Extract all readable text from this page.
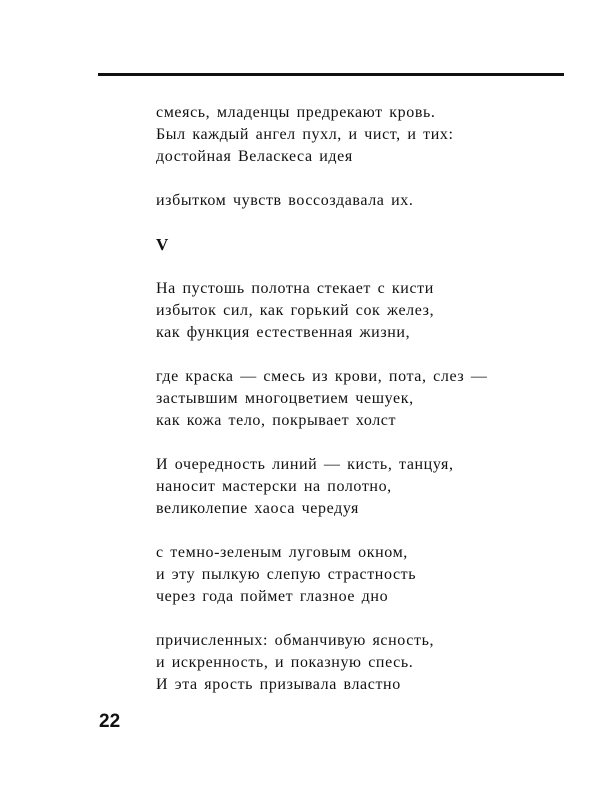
смеясь, младенцы предрекают кровь.
Был каждый ангел пухл, и чист, и тих:
достойная Веласкеса идея
избытком чувств воссоздавала их.
V
На пустошь полотна стекает с кисти
избыток сил, как горький сок желез,
как функция естественная жизни,
где краска — смесь из крови, пота, слез —
застывшим многоцветием чешуек,
как кожа тело, покрывает холст
И очередность линий — кисть, танцуя,
наносит мастерски на полотно,
великолепие хаоса чередуя
с темно-зеленым луговым окном,
и эту пылкую слепую страстность
через года поймет глазное дно
причисленных: обманчивую ясность,
и искренность, и показную спесь.
И эта ярость призывала властно
22
